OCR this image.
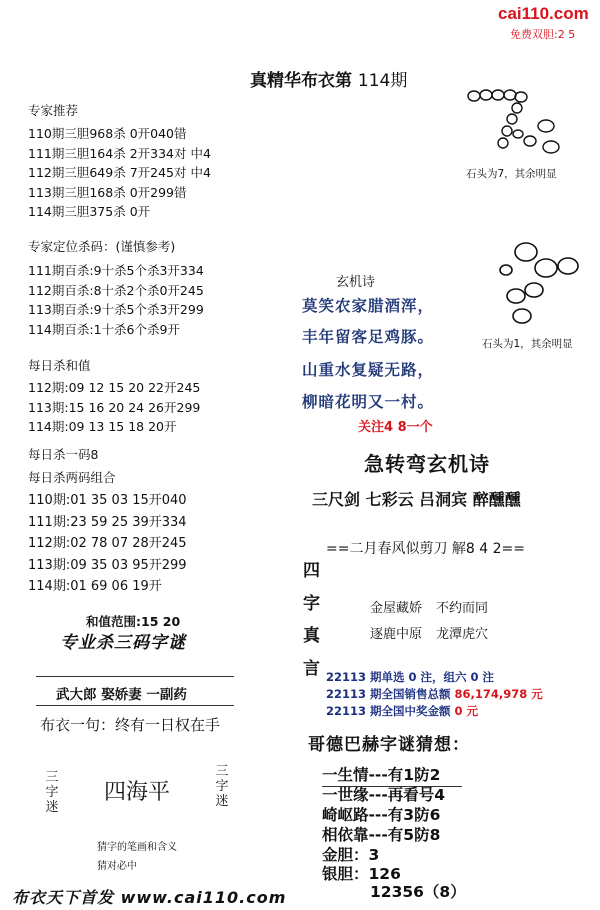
cai110.com
免费双胆:2 5
真精华布衣第 114期
专家推荐
110期三胆968杀 0开040错
111期三胆164杀 2开334对 中4
112期三胆649杀 7开245对 中4
113期三胆168杀 0开299错
114期三胆375杀 0开
专家定位杀码：(谨慎参考)
111期百杀:9十杀5个杀3开334
112期百杀:8十杀2个杀0开245
113期百杀:9十杀5个杀3开299
114期百杀:1十杀6个杀9开
每日杀和值
112期:09 12 15 20 22开245
113期:15 16 20 24 26开299
114期:09 13 15 18 20开
每日杀一码8
每日杀两码组合
110期:01 35 03 15开040
111期:23 59 25 39开334
112期:02 78 07 28开245
113期:09 35 03 95开299
114期:01 69 06 19开
和值范围:15 20
专业杀三码字谜
武大郎 娶娇妻 一副药
布衣一句：终有一日权在手
三字迷
四海平
三字迷
猜字的笔画和含义
猜对必中
布衣天下首发 www.cai110.com
石头为7，其余明显
石头为1，其余明显
玄机诗
莫笑农家腊酒浑，
丰年留客足鸡豚。
山重水复疑无路，
柳暗花明又一村。
关注4 8一个
急转弯玄机诗
三尺剑 七彩云 吕洞宾 醉醺醺
==二月春风似剪刀 解8 4 2==
四
字
真
言
金屋藏娇 不约而同
逐鹿中原 龙潭虎穴
22113 期单选 0 注，组六 0 注
22113 期全国销售总额 86,174,978 元
22113 期全国中奖金额 0 元
哥德巴赫字谜猜想：
一生情---有1防2
一世缘---再看号4
崎岖路---有3防6
相依靠---有5防8
金胆：3
银胆：126
12356（8）
